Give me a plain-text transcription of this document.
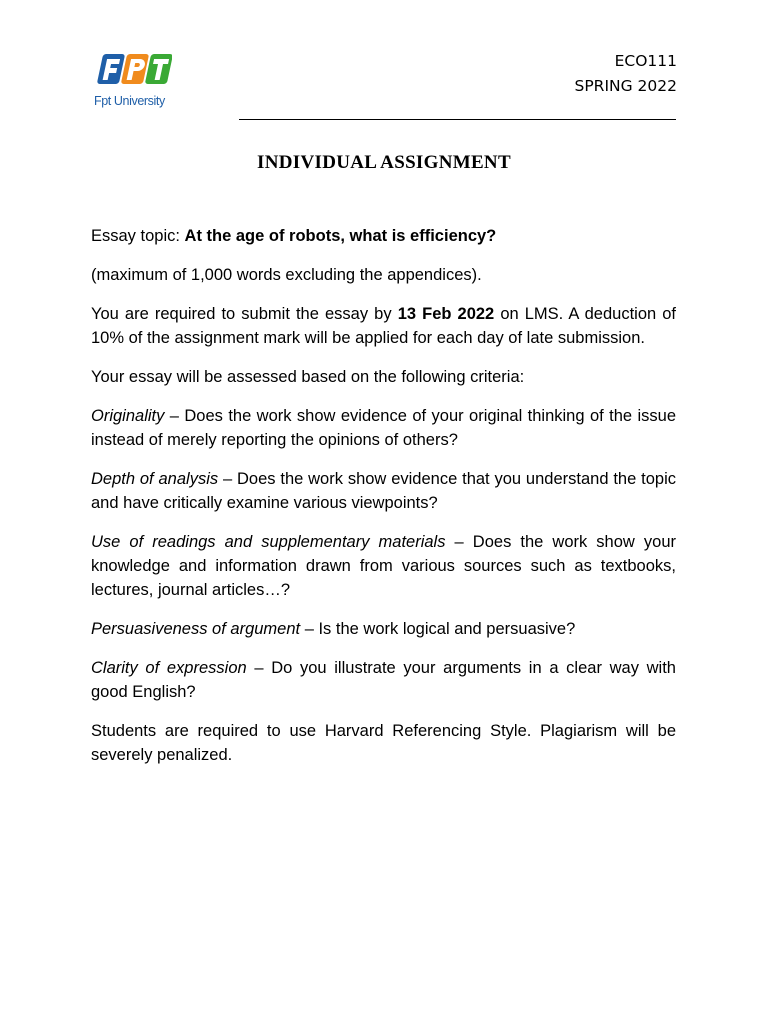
Fpt University
ECO111
SPRING 2022
INDIVIDUAL ASSIGNMENT

Essay topic: At the age of robots, what is efficiency?

(maximum of 1,000 words excluding the appendices).

You are required to submit the essay by 13 Feb 2022 on LMS. A deduction of 10% of the assignment mark will be applied for each day of late submission.

Your essay will be assessed based on the following criteria:

Originality – Does the work show evidence of your original thinking of the issue instead of merely reporting the opinions of others?

Depth of analysis – Does the work show evidence that you understand the topic and have critically examine various viewpoints?

Use of readings and supplementary materials – Does the work show your knowledge and information drawn from various sources such as textbooks, lectures, journal articles…?

Persuasiveness of argument – Is the work logical and persuasive?

Clarity of expression – Do you illustrate your arguments in a clear way with good English?

Students are required to use Harvard Referencing Style. Plagiarism will be severely penalized.
